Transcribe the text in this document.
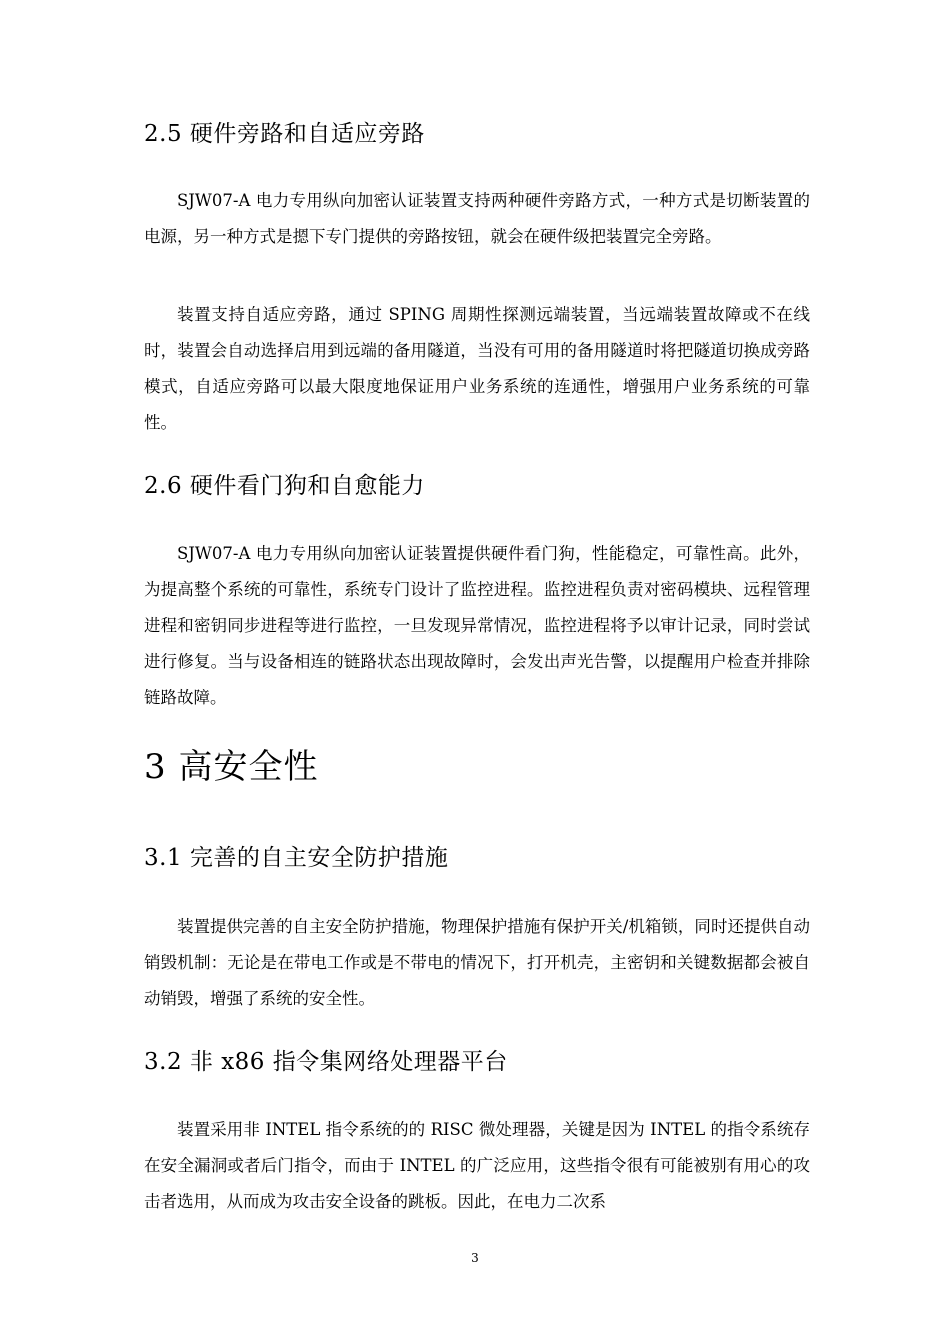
2.5 硬件旁路和自适应旁路

SJW07-A 电力专用纵向加密认证装置支持两种硬件旁路方式，一种方式是切断装置的电源，另一种方式是摁下专门提供的旁路按钮，就会在硬件级把装置完全旁路。

装置支持自适应旁路，通过 SPING 周期性探测远端装置，当远端装置故障或不在线时，装置会自动选择启用到远端的备用隧道，当没有可用的备用隧道时将把隧道切换成旁路模式，自适应旁路可以最大限度地保证用户业务系统的连通性，增强用户业务系统的可靠性。

2.6 硬件看门狗和自愈能力

SJW07-A 电力专用纵向加密认证装置提供硬件看门狗，性能稳定，可靠性高。此外，为提高整个系统的可靠性，系统专门设计了监控进程。监控进程负责对密码模块、远程管理进程和密钥同步进程等进行监控，一旦发现异常情况，监控进程将予以审计记录，同时尝试进行修复。当与设备相连的链路状态出现故障时，会发出声光告警，以提醒用户检查并排除链路故障。

3 高安全性
3.1 完善的自主安全防护措施

装置提供完善的自主安全防护措施，物理保护措施有保护开关/机箱锁，同时还提供自动销毁机制：无论是在带电工作或是不带电的情况下，打开机壳，主密钥和关键数据都会被自动销毁，增强了系统的安全性。

3.2 非 x86 指令集网络处理器平台

装置采用非 INTEL 指令系统的的 RISC 微处理器，关键是因为 INTEL 的指令系统存在安全漏洞或者后门指令，而由于 INTEL 的广泛应用，这些指令很有可能被别有用心的攻击者选用，从而成为攻击安全设备的跳板。因此，在电力二次系

3
